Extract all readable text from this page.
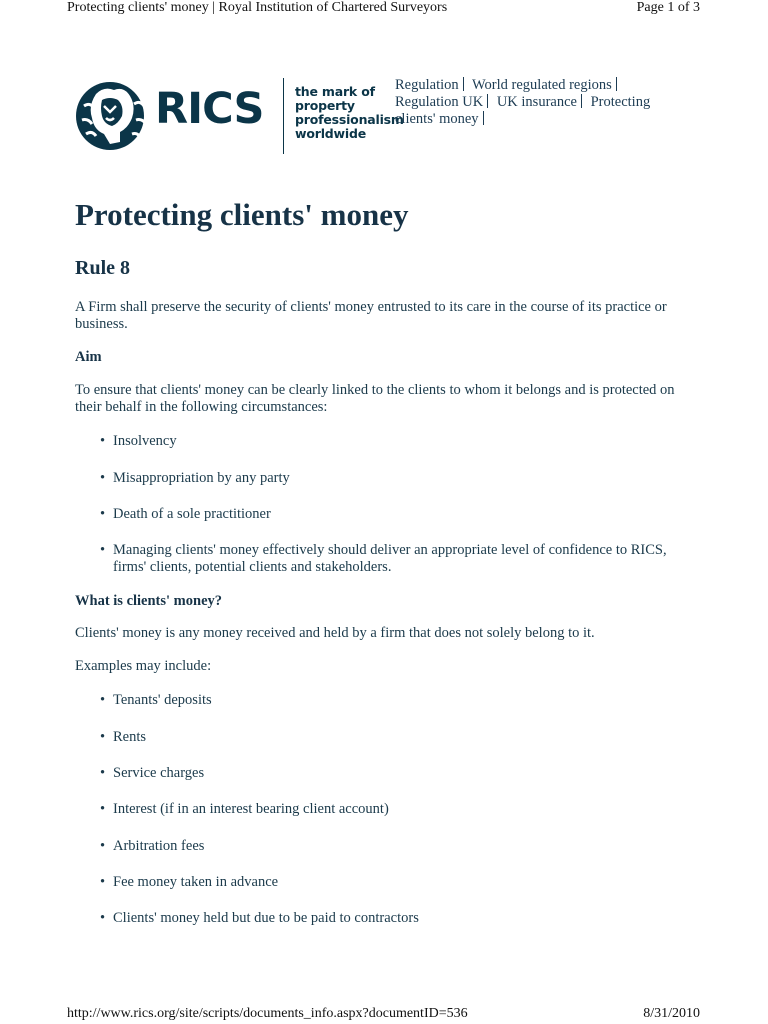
Protecting clients' money | Royal Institution of Chartered Surveyors	Page 1 of 3
RICS	the mark of
property
professionalism
worldwide
Regulation World regulated regions
Regulation UK UK insurance Protecting clients' money
Protecting clients' money
Rule 8

A Firm shall preserve the security of clients' money entrusted to its care in the course of its practice or business.

Aim

To ensure that clients' money can be clearly linked to the clients to whom it belongs and is protected on their behalf in the following circumstances:

• Insolvency
• Misappropriation by any party
• Death of a sole practitioner
• Managing clients' money effectively should deliver an appropriate level of confidence to RICS, firms' clients, potential clients and stakeholders.
What is clients' money?

Clients' money is any money received and held by a firm that does not solely belong to it.

Examples may include:

• Tenants' deposits
• Rents
• Service charges
• Interest (if in an interest bearing client account)
• Arbitration fees
• Fee money taken in advance
• Clients' money held but due to be paid to contractors
http://www.rics.org/site/scripts/documents_info.aspx?documentID=536	8/31/2010
